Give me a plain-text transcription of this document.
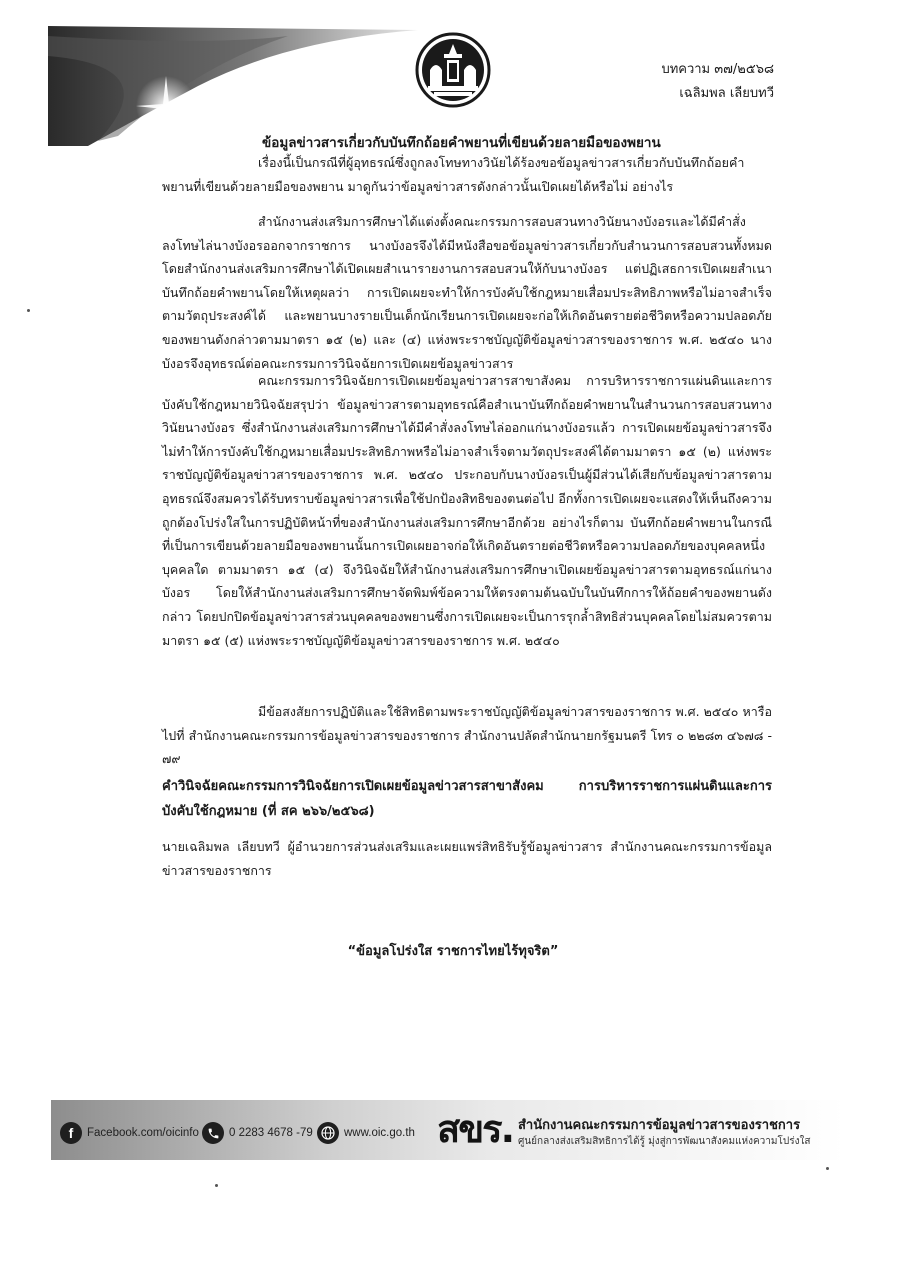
บทความ ๓๗/๒๕๖๘
เฉลิมพล เลียบทวี

ข้อมูลข่าวสารเกี่ยวกับบันทึกถ้อยคำพยานที่เขียนด้วยลายมือของพยาน

เรื่องนี้เป็นกรณีที่ผู้อุทธรณ์ซึ่งถูกลงโทษทางวินัยได้ร้องขอข้อมูลข่าวสารเกี่ยวกับบันทึกถ้อยคำพยานที่เขียนด้วยลายมือของพยาน มาดูกันว่าข้อมูลข่าวสารดังกล่าวนั้นเปิดเผยได้หรือไม่ อย่างไร

สำนักงานส่งเสริมการศึกษาได้แต่งตั้งคณะกรรมการสอบสวนทางวินัยนางบังอรและได้มีคำสั่งลงโทษไล่นางบังอรออกจากราชการ นางบังอรจึงได้มีหนังสือขอข้อมูลข่าวสารเกี่ยวกับสำนวนการสอบสวนทั้งหมด โดยสำนักงานส่งเสริมการศึกษาได้เปิดเผยสำเนารายงานการสอบสวนให้กับนางบังอร แต่ปฏิเสธการเปิดเผยสำเนาบันทึกถ้อยคำพยานโดยให้เหตุผลว่า การเปิดเผยจะทำให้การบังคับใช้กฎหมายเสื่อมประสิทธิภาพหรือไม่อาจสำเร็จตามวัตถุประสงค์ได้ และพยานบางรายเป็นเด็กนักเรียนการเปิดเผยจะก่อให้เกิดอันตรายต่อชีวิตหรือความปลอดภัยของพยานดังกล่าวตามมาตรา ๑๕ (๒) และ (๔) แห่งพระราชบัญญัติข้อมูลข่าวสารของราชการ พ.ศ. ๒๕๔๐ นางบังอรจึงอุทธรณ์ต่อคณะกรรมการวินิจฉัยการเปิดเผยข้อมูลข่าวสาร

คณะกรรมการวินิจฉัยการเปิดเผยข้อมูลข่าวสารสาขาสังคม การบริหารราชการแผ่นดินและการบังคับใช้กฎหมายวินิจฉัยสรุปว่า ข้อมูลข่าวสารตามอุทธรณ์คือสำเนาบันทึกถ้อยคำพยานในสำนวนการสอบสวนทางวินัยนางบังอร ซึ่งสำนักงานส่งเสริมการศึกษาได้มีคำสั่งลงโทษไล่ออกแก่นางบังอรแล้ว การเปิดเผยข้อมูลข่าวสารจึงไม่ทำให้การบังคับใช้กฎหมายเสื่อมประสิทธิภาพหรือไม่อาจสำเร็จตามวัตถุประสงค์ได้ตามมาตรา ๑๕ (๒) แห่งพระราชบัญญัติข้อมูลข่าวสารของราชการ พ.ศ. ๒๕๔๐ ประกอบกับนางบังอรเป็นผู้มีส่วนได้เสียกับข้อมูลข่าวสารตามอุทธรณ์จึงสมควรได้รับทราบข้อมูลข่าวสารเพื่อใช้ปกป้องสิทธิของตนต่อไป อีกทั้งการเปิดเผยจะแสดงให้เห็นถึงความถูกต้องโปร่งใสในการปฏิบัติหน้าที่ของสำนักงานส่งเสริมการศึกษาอีกด้วย อย่างไรก็ตาม บันทึกถ้อยคำพยานในกรณีที่เป็นการเขียนด้วยลายมือของพยานนั้นการเปิดเผยอาจก่อให้เกิดอันตรายต่อชีวิตหรือความปลอดภัยของบุคคลหนึ่ง บุคคลใด ตามมาตรา ๑๕ (๔) จึงวินิจฉัยให้สำนักงานส่งเสริมการศึกษาเปิดเผยข้อมูลข่าวสารตามอุทธรณ์แก่นางบังอร โดยให้สำนักงานส่งเสริมการศึกษาจัดพิมพ์ข้อความให้ตรงตามต้นฉบับในบันทึกการให้ถ้อยคำของพยานดังกล่าว โดยปกปิดข้อมูลข่าวสารส่วนบุคคลของพยานซึ่งการเปิดเผยจะเป็นการรุกล้ำสิทธิส่วนบุคคลโดยไม่สมควรตามมาตรา ๑๕ (๕) แห่งพระราชบัญญัติข้อมูลข่าวสารของราชการ พ.ศ. ๒๕๔๐

มีข้อสงสัยการปฏิบัติและใช้สิทธิตามพระราชบัญญัติข้อมูลข่าวสารของราชการ พ.ศ. ๒๕๔๐ หารือไปที่ สำนักงานคณะกรรมการข้อมูลข่าวสารของราชการ สำนักงานปลัดสำนักนายกรัฐมนตรี โทร ๐ ๒๒๘๓ ๔๖๗๘ - ๗๙

คำวินิจฉัยคณะกรรมการวินิจฉัยการเปิดเผยข้อมูลข่าวสารสาขาสังคม การบริหารราชการแผ่นดินและการบังคับใช้กฎหมาย (ที่ สค ๒๖๖/๒๕๖๘)

นายเฉลิมพล เลียบทวี ผู้อำนวยการส่วนส่งเสริมและเผยแพร่สิทธิรับรู้ข้อมูลข่าวสาร สำนักงานคณะกรรมการข้อมูลข่าวสารของราชการ

“ข้อมูลโปร่งใส ราชการไทยไร้ทุจริต”

f	Facebook.com/oicinfo	0 2283 4678 -79	www.oic.go.th สขร. สำนักงานคณะกรรมการข้อมูลข่าวสารของราชการ

ศูนย์กลางส่งเสริมสิทธิการได้รู้ มุ่งสู่การพัฒนาสังคมแห่งความโปร่งใส
